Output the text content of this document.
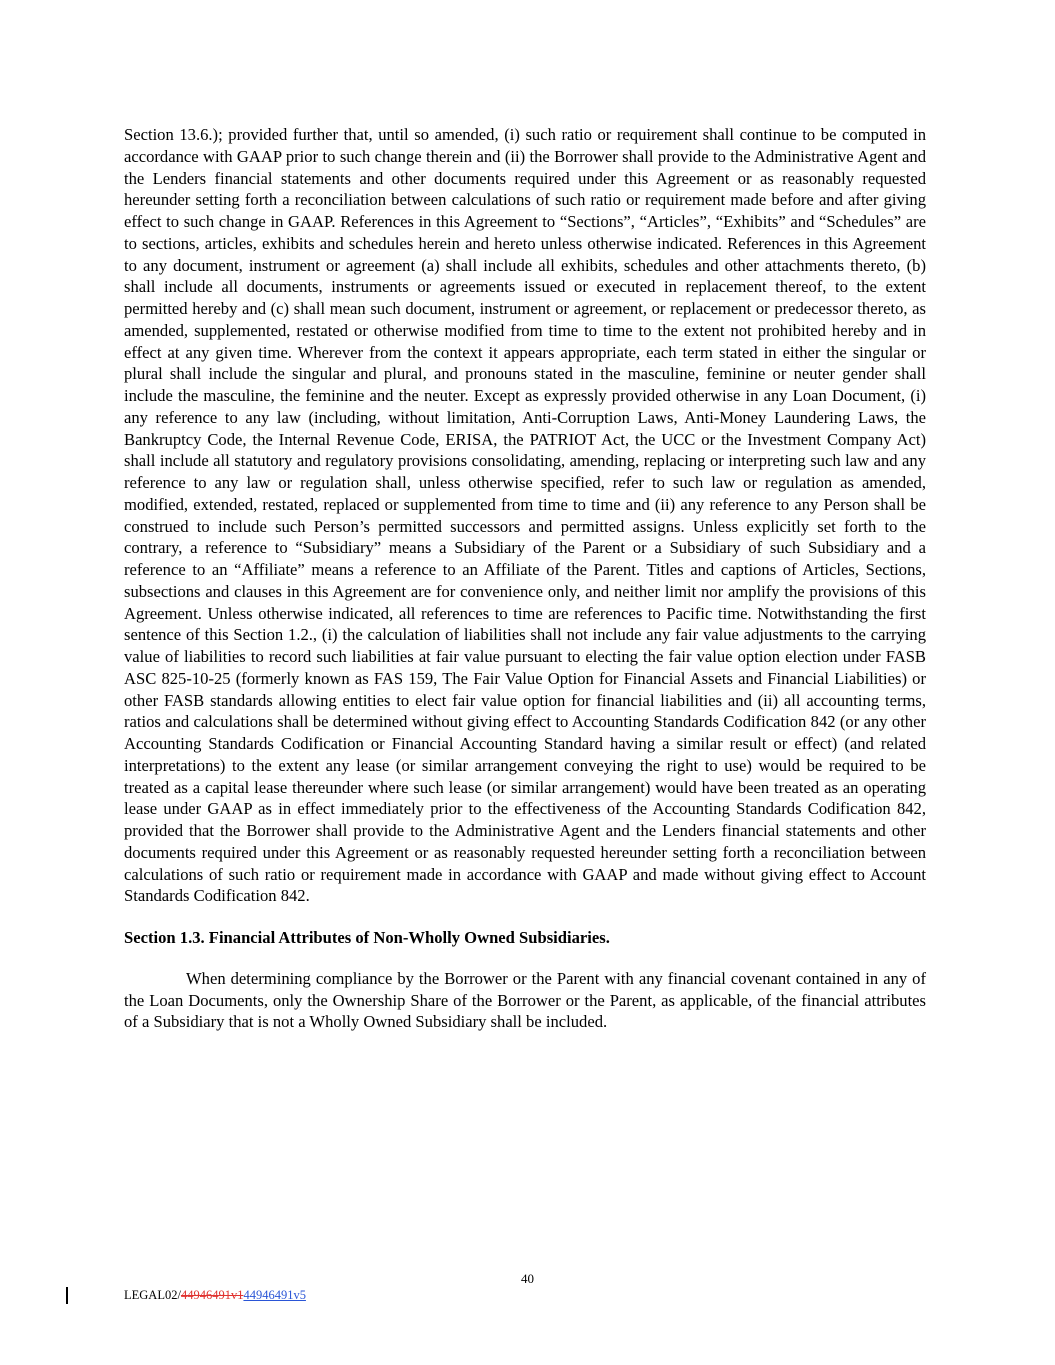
Section 13.6.); provided further that, until so amended, (i) such ratio or requirement shall continue to be computed in accordance with GAAP prior to such change therein and (ii) the Borrower shall provide to the Administrative Agent and the Lenders financial statements and other documents required under this Agreement or as reasonably requested hereunder setting forth a reconciliation between calculations of such ratio or requirement made before and after giving effect to such change in GAAP. References in this Agreement to “Sections”, “Articles”, “Exhibits” and “Schedules” are to sections, articles, exhibits and schedules herein and hereto unless otherwise indicated. References in this Agreement to any document, instrument or agreement (a) shall include all exhibits, schedules and other attachments thereto, (b) shall include all documents, instruments or agreements issued or executed in replacement thereof, to the extent permitted hereby and (c) shall mean such document, instrument or agreement, or replacement or predecessor thereto, as amended, supplemented, restated or otherwise modified from time to time to the extent not prohibited hereby and in effect at any given time. Wherever from the context it appears appropriate, each term stated in either the singular or plural shall include the singular and plural, and pronouns stated in the masculine, feminine or neuter gender shall include the masculine, the feminine and the neuter. Except as expressly provided otherwise in any Loan Document, (i) any reference to any law (including, without limitation, Anti-Corruption Laws, Anti-Money Laundering Laws, the Bankruptcy Code, the Internal Revenue Code, ERISA, the PATRIOT Act, the UCC or the Investment Company Act) shall include all statutory and regulatory provisions consolidating, amending, replacing or interpreting such law and any reference to any law or regulation shall, unless otherwise specified, refer to such law or regulation as amended, modified, extended, restated, replaced or supplemented from time to time and (ii) any reference to any Person shall be construed to include such Person’s permitted successors and permitted assigns. Unless explicitly set forth to the contrary, a reference to “Subsidiary” means a Subsidiary of the Parent or a Subsidiary of such Subsidiary and a reference to an “Affiliate” means a reference to an Affiliate of the Parent. Titles and captions of Articles, Sections, subsections and clauses in this Agreement are for convenience only, and neither limit nor amplify the provisions of this Agreement. Unless otherwise indicated, all references to time are references to Pacific time. Notwithstanding the first sentence of this Section 1.2., (i) the calculation of liabilities shall not include any fair value adjustments to the carrying value of liabilities to record such liabilities at fair value pursuant to electing the fair value option election under FASB ASC 825-10-25 (formerly known as FAS 159, The Fair Value Option for Financial Assets and Financial Liabilities) or other FASB standards allowing entities to elect fair value option for financial liabilities and (ii) all accounting terms, ratios and calculations shall be determined without giving effect to Accounting Standards Codification 842 (or any other Accounting Standards Codification or Financial Accounting Standard having a similar result or effect) (and related interpretations) to the extent any lease (or similar arrangement conveying the right to use) would be required to be treated as a capital lease thereunder where such lease (or similar arrangement) would have been treated as an operating lease under GAAP as in effect immediately prior to the effectiveness of the Accounting Standards Codification 842, provided that the Borrower shall provide to the Administrative Agent and the Lenders financial statements and other documents required under this Agreement or as reasonably requested hereunder setting forth a reconciliation between calculations of such ratio or requirement made in accordance with GAAP and made without giving effect to Account Standards Codification 842.

Section 1.3. Financial Attributes of Non-Wholly Owned Subsidiaries.

When determining compliance by the Borrower or the Parent with any financial covenant contained in any of the Loan Documents, only the Ownership Share of the Borrower or the Parent, as applicable, of the financial attributes of a Subsidiary that is not a Wholly Owned Subsidiary shall be included.

40
LEGAL02/44946491v144946491v5
